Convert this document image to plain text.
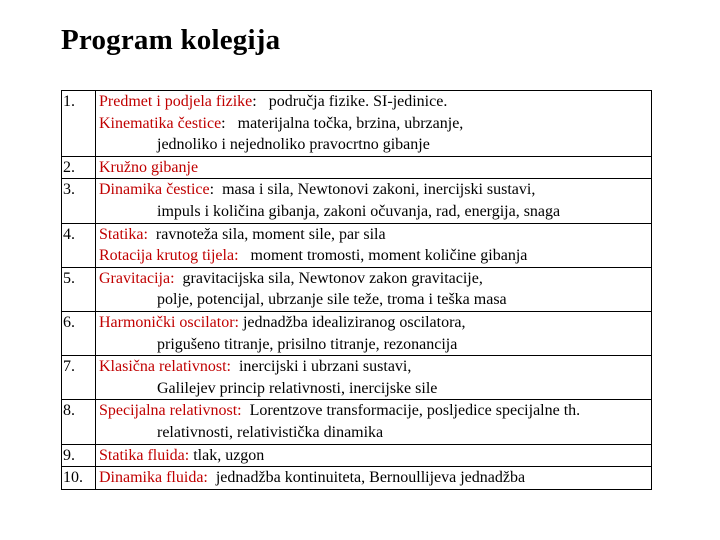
Program kolegija
1.	Predmet i podjela fizike:   područja fizike. SI-jedinice.
Kinematika čestice:   materijalna točka, brzina, ubrzanje,
jednoliko i nejednoliko pravocrtno gibanje

2.	Kružno gibanje

3.	Dinamika čestice:  masa i sila, Newtonovi zakoni, inercijski sustavi,
impuls i količina gibanja, zakoni očuvanja, rad, energija, snaga

4.	Statika:  ravnoteža sila, moment sile, par sila
Rotacija krutog tijela:   moment tromosti, moment količine gibanja

5.	Gravitacija:  gravitacijska sila, Newtonov zakon gravitacije,
polje, potencijal, ubrzanje sile teže, troma i teška masa

6.	Harmonički oscilator: jednadžba idealiziranog oscilatora,
prigušeno titranje, prisilno titranje, rezonancija

7.	Klasična relativnost:  inercijski i ubrzani sustavi,
Galilejev princip relativnosti, inercijske sile

8.	Specijalna relativnost:  Lorentzove transformacije, posljedice specijalne th.
relativnosti, relativistička dinamika

9.	Statika fluida: tlak, uzgon

10.	Dinamika fluida:  jednadžba kontinuiteta, Bernoullijeva jednadžba
